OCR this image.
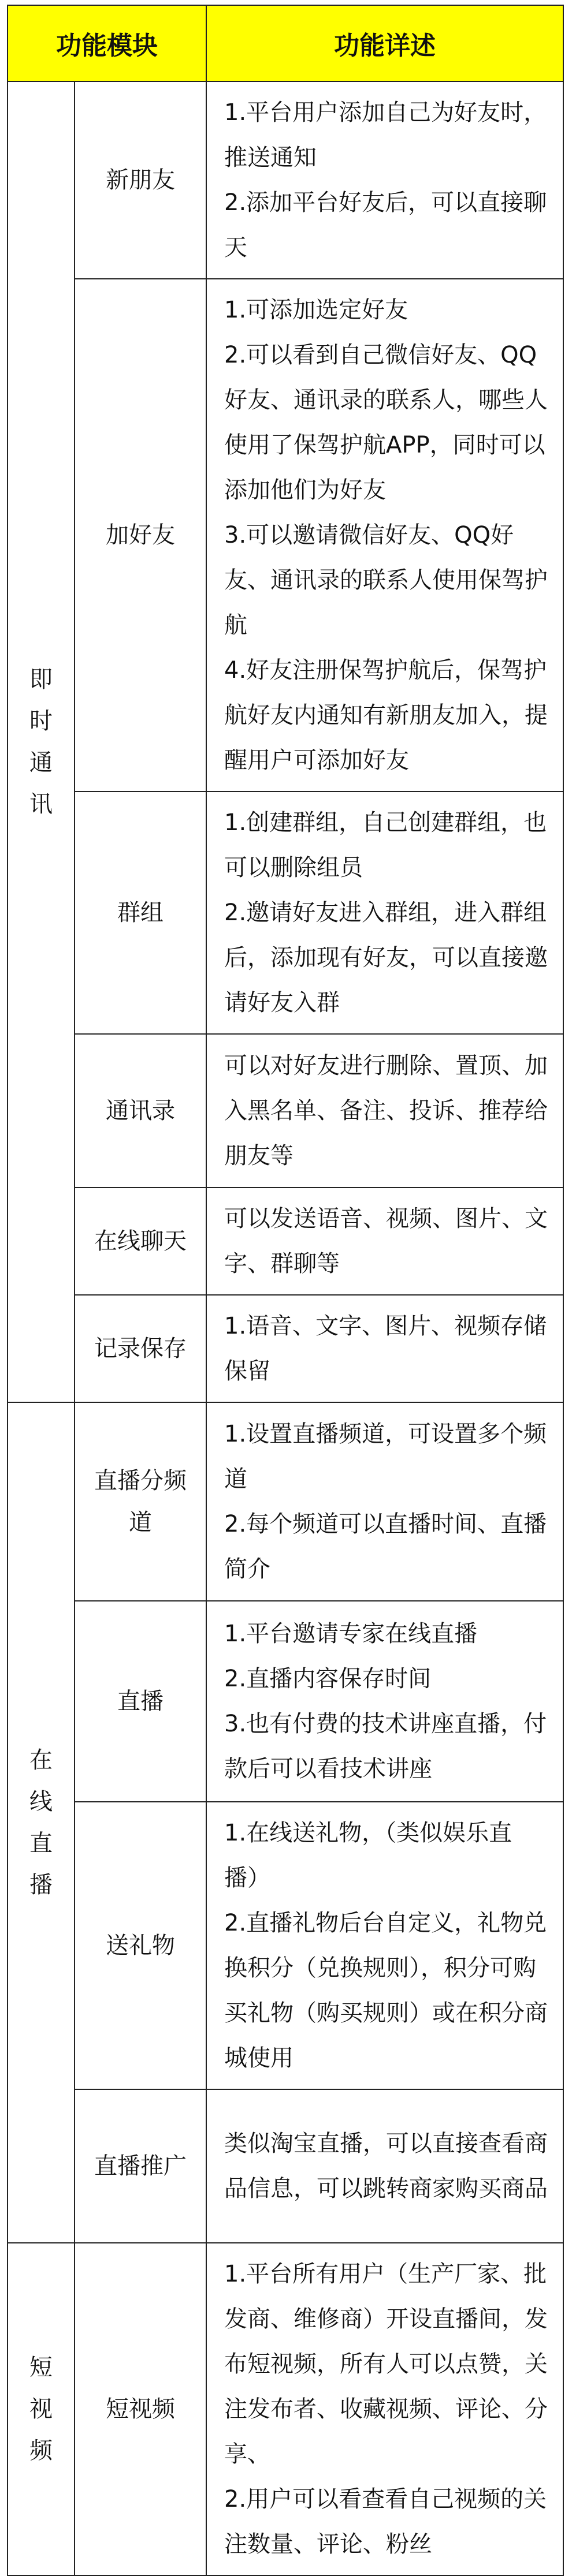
功能模块		功能详述

即时通讯	新朋友	1.平台用户添加自己为好友时，推送通知
2.添加平台好友后，可以直接聊天
	加好友	1.可添加选定好友
2.可以看到自己微信好友、QQ好友、通讯录的联系人，哪些人使用了保驾护航APP，同时可以添加他们为好友
3.可以邀请微信好友、QQ好友、通讯录的联系人使用保驾护航
4.好友注册保驾护航后，保驾护航好友内通知有新朋友加入，提醒用户可添加好友
	群组	1.创建群组，自己创建群组，也可以删除组员
2.邀请好友进入群组，进入群组后，添加现有好友，可以直接邀请好友入群
	通讯录	可以对好友进行删除、置顶、加入黑名单、备注、投诉、推荐给朋友等
	在线聊天	可以发送语音、视频、图片、文字、群聊等
	记录保存	1.语音、文字、图片、视频存储保留

在线直播	直播分频道	1.设置直播频道，可设置多个频道
2.每个频道可以直播时间、直播简介
	直播	1.平台邀请专家在线直播
2.直播内容保存时间
3.也有付费的技术讲座直播，付款后可以看技术讲座
	送礼物	1.在线送礼物，（类似娱乐直播）
2.直播礼物后台自定义，礼物兑换积分（兑换规则），积分可购买礼物（购买规则）或在积分商城使用
	直播推广	类似淘宝直播，可以直接查看商品信息，可以跳转商家购买商品

短视频	短视频	1.平台所有用户（生产厂家、批发商、维修商）开设直播间，发布短视频，所有人可以点赞，关注发布者、收藏视频、评论、分享、
2.用户可以看查看自己视频的关注数量、评论、粉丝
